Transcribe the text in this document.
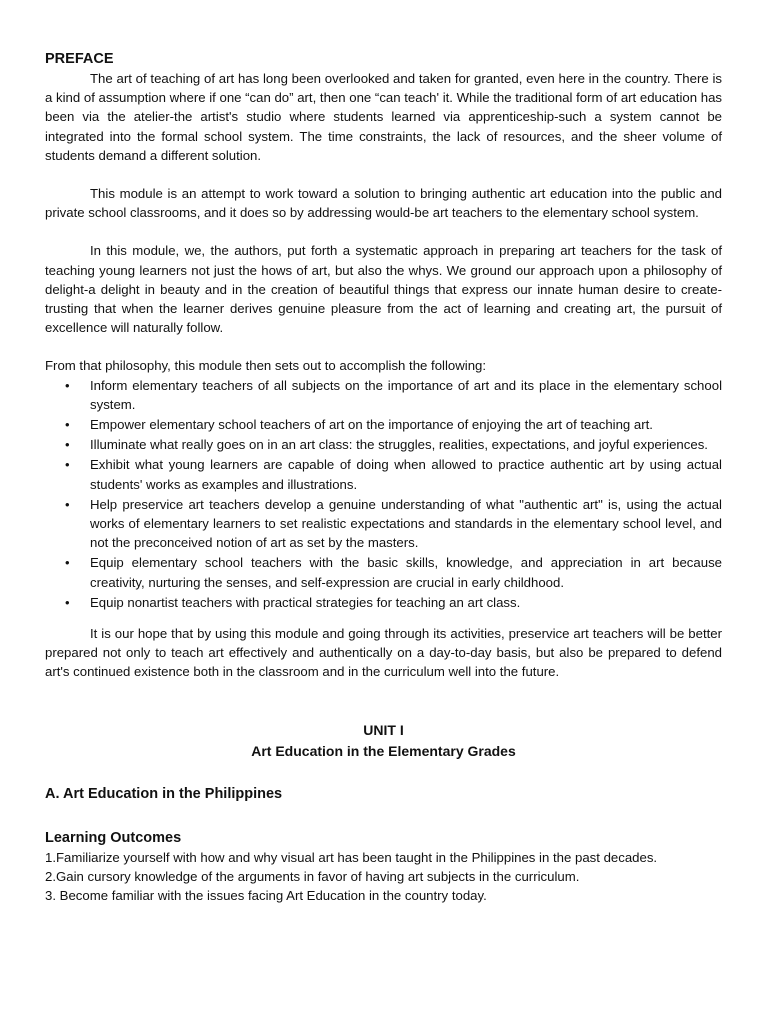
PREFACE

The art of teaching of art has long been overlooked and taken for granted, even here in the country. There is a kind of assumption where if one “can do” art, then one “can teach' it. While the traditional form of art education has been via the atelier-the artist's studio where students learned via apprenticeship-such a system cannot be integrated into the formal school system. The time constraints, the lack of resources, and the sheer volume of students demand a different solution.

This module is an attempt to work toward a solution to bringing authentic art education into the public and private school classrooms, and it does so by addressing would-be art teachers to the elementary school system.

In this module, we, the authors, put forth a systematic approach in preparing art teachers for the task of teaching young learners not just the hows of art, but also the whys. We ground our approach upon a philosophy of delight-a delight in beauty and in the creation of beautiful things that express our innate human desire to create-trusting that when the learner derives genuine pleasure from the act of learning and creating art, the pursuit of excellence will naturally follow.

From that philosophy, this module then sets out to accomplish the following:

• Inform elementary teachers of all subjects on the importance of art and its place in the elementary school system.
• Empower elementary school teachers of art on the importance of enjoying the art of teaching art.
• Illuminate what really goes on in an art class: the struggles, realities, expectations, and joyful experiences.
• Exhibit what young learners are capable of doing when allowed to practice authentic art by using actual students' works as examples and illustrations.
• Help preservice art teachers develop a genuine understanding of what "authentic art" is, using the actual works of elementary learners to set realistic expectations and standards in the elementary school level, and not the preconceived notion of art as set by the masters.
• Equip elementary school teachers with the basic skills, knowledge, and appreciation in art because creativity, nurturing the senses, and self-expression are crucial in early childhood.
• Equip nonartist teachers with practical strategies for teaching an art class.

It is our hope that by using this module and going through its activities, preservice art teachers will be better prepared not only to teach art effectively and authentically on a day-to-day basis, but also be prepared to defend art's continued existence both in the classroom and in the curriculum well into the future.

UNIT I
Art Education in the Elementary Grades
A. Art Education in the Philippines
Learning Outcomes
1.Familiarize yourself with how and why visual art has been taught in the Philippines in the past decades.
2.Gain cursory knowledge of the arguments in favor of having art subjects in the curriculum.
3. Become familiar with the issues facing Art Education in the country today.
